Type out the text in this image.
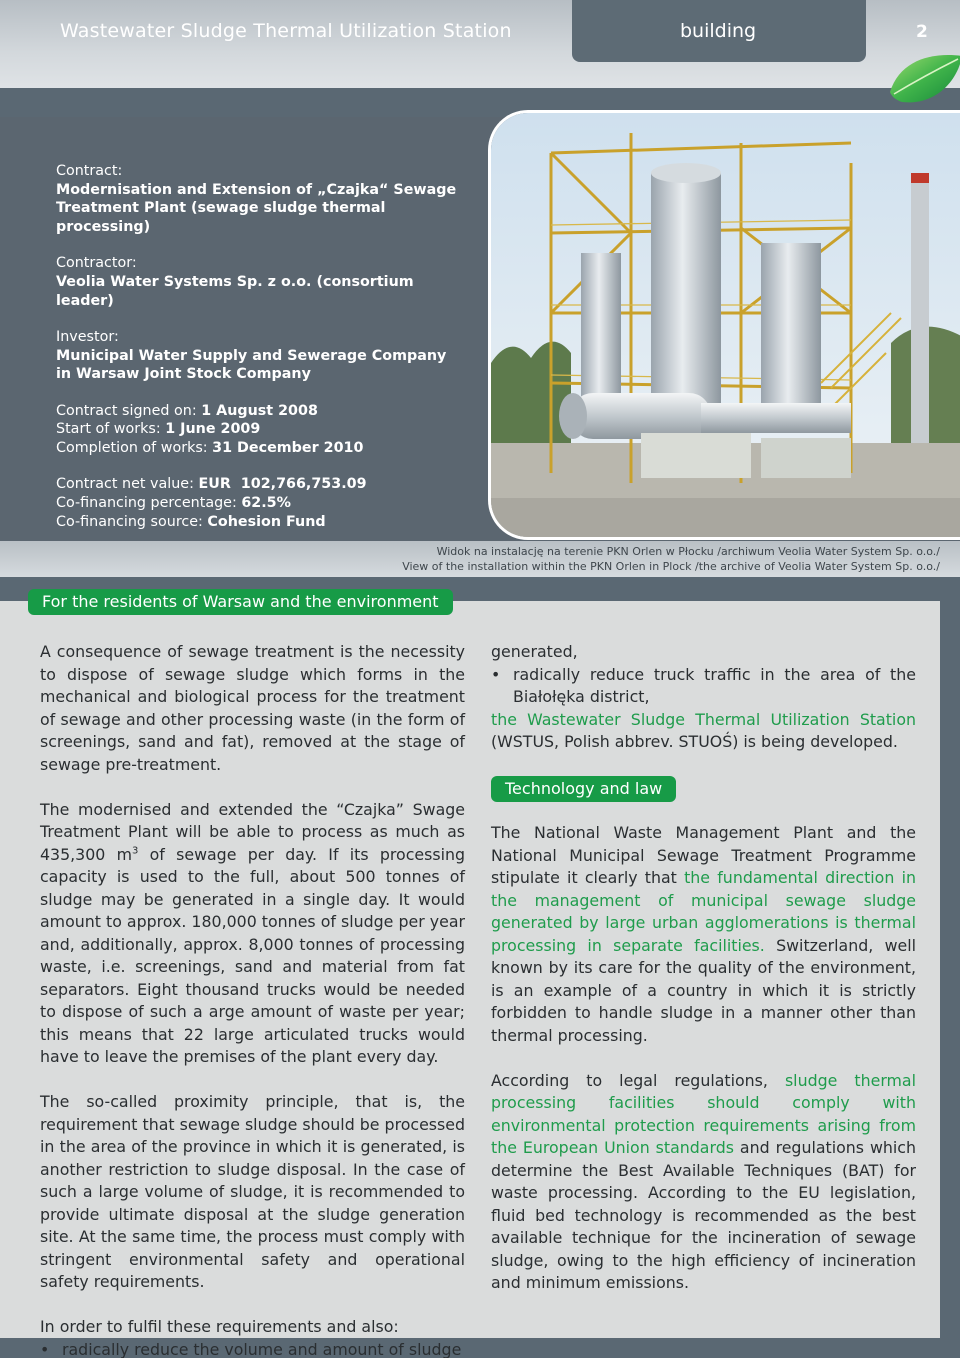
Wastewater Sludge Thermal Utilization Station	building	2
Contract:
Modernisation and Extension of „Czajka“ Sewage
Treatment Plant (sewage sludge thermal processing)
Contractor:
Veolia Water Systems Sp. z o.o. (consortium leader)
Investor:
Municipal Water Supply and Sewerage Company
in Warsaw Joint Stock Company
Contract signed on: 1 August 2008
Start of works: 1 June 2009
Completion of works: 31 December 2010
Contract net value: EUR  102,766,753.09
Co-financing percentage: 62.5%
Co-financing source: Cohesion Fund
Widok na instalację na terenie PKN Orlen w Płocku /archiwum Veolia Water System Sp. o.o./
View of the installation within the PKN Orlen in Plock /the archive of Veolia Water System Sp. o.o./
For the residents of Warsaw and the environment

A consequence of sewage treatment is the necessity to dispose of sewage sludge which forms in the mechanical and biological process for the treatment of sewage and other processing waste (in the form of screenings, sand and fat), removed at the stage of sewage pre-treatment.

The modernised and extended the “Czajka” Swage Treatment Plant will be able to process as much as 435,300 $m^3$ of sewage per day. If its processing capacity is used to the full, about 500 tonnes of sludge may be generated in a single day. It would amount to approx. 180,000 tonnes of sludge per year and, additionally, approx. 8,000 tonnes of processing waste, i.e. screenings, sand and material from fat separators. Eight thousand trucks would be needed to dispose of such a arge amount of waste per year; this means that 22 large articulated trucks would have to leave the premises of the plant every day.

The so-called proximity principle, that is, the requirement that sewage sludge should be processed in the area of the province in which it is generated, is another restriction to sludge disposal. In the case of such a large volume of sludge, it is recommended to provide ultimate disposal at the sludge generation site. At the same time, the process must comply with stringent environmental safety and operational safety requirements.

In order to fulfil these requirements and also:
• radically reduce the volume and amount of sludge

generated,
• radically reduce truck traffic in the area of the Białołęka district,
the Wastewater Sludge Thermal Utilization Station (WSTUS, Polish abbrev. STUOŚ) is being developed.

Technology and law

The National Waste Management Plant and the National Municipal Sewage Treatment Programme stipulate it clearly that the fundamental direction in the management of municipal sewage sludge generated by large urban agglomerations is thermal processing in separate facilities. Switzerland, well known by its care for the quality of the environment, is an example of a country in which it is strictly forbidden to handle sludge in a manner other than thermal processing.

According to legal regulations, sludge thermal processing facilities should comply with environmental protection requirements arising from the European Union standards and regulations which determine the Best Available Techniques (BAT) for waste processing. According to the EU legislation, fluid bed technology is recommended as the best available technique for the incineration of sewage sludge, owing to the high efficiency of incineration and minimum emissions.
